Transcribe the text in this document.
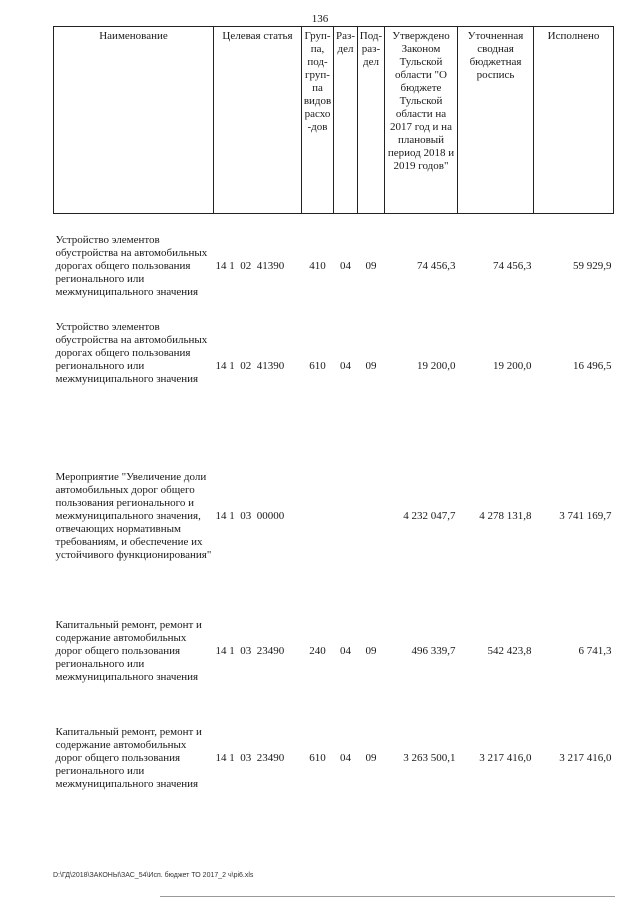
136
Наименование	Целевая статья	Груп-па, под-груп-па видов расхо-дов	Раз-дел	Под-раз-дел	Утверждено Законом Тульской области "О бюджете Тульской области на 2017 год и на плановый период 2018 и 2019 годов"	Уточненная сводная бюджетная роспись	Исполнено
Устройство элементов обустройства на автомобильных дорогах общего пользования регионального или межмуниципального значения	14 1  02  41390	410	04	09	74 456,3	74 456,3	59 929,9
Устройство элементов обустройства на автомобильных дорогах общего пользования регионального или межмуниципального значения	14 1  02  41390	610	04	09	19 200,0	19 200,0	16 496,5
Мероприятие "Увеличение доли автомобильных дорог общего пользования регионального и межмуниципального значения, отвечающих нормативным требованиям, и обеспечение их устойчивого функционирования"	14 1  03  00000				4 232 047,7	4 278 131,8	3 741 169,7
Капитальный ремонт, ремонт и содержание автомобильных дорог общего пользования регионального или межмуниципального значения	14 1  03  23490	240	04	09	496 339,7	542 423,8	6 741,3
Капитальный ремонт, ремонт и содержание автомобильных дорог общего пользования регионального или межмуниципального значения	14 1  03  23490	610	04	09	3 263 500,1	3 217 416,0	3 217 416,0
D:\ГД\2018\ЗАКОНЫ\ЗАС_54\Исп. бюджет ТО 2017_2 ч\рi6.xls
